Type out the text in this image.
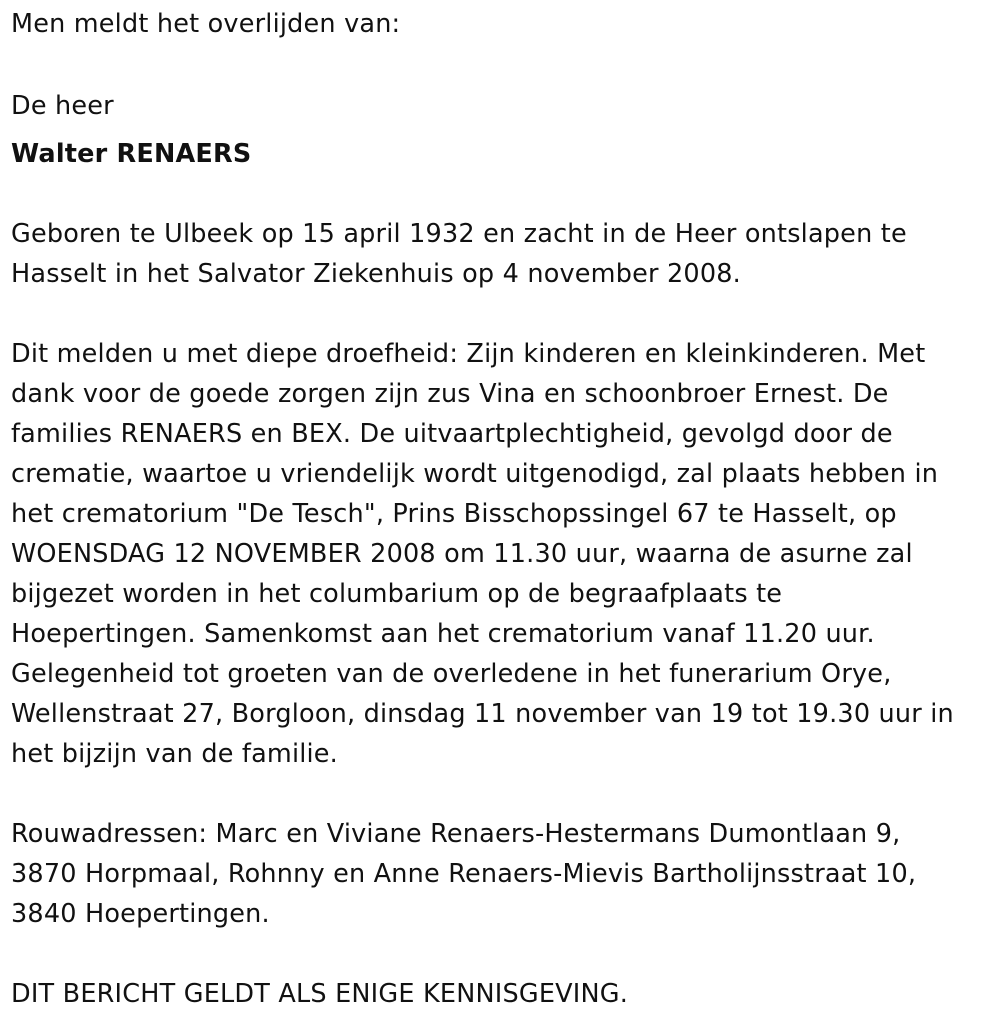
Men meldt het overlijden van:

De heer

Walter RENAERS

Geboren te Ulbeek op 15 april 1932 en zacht in de Heer ontslapen te
Hasselt in het Salvator Ziekenhuis op 4 november 2008.
Dit melden u met diepe droefheid: Zijn kinderen en kleinkinderen. Met
dank voor de goede zorgen zijn zus Vina en schoonbroer Ernest. De
families RENAERS en BEX. De uitvaartplechtigheid, gevolgd door de
crematie, waartoe u vriendelijk wordt uitgenodigd, zal plaats hebben in
het crematorium "De Tesch", Prins Bisschopssingel 67 te Hasselt, op
WOENSDAG 12 NOVEMBER 2008 om 11.30 uur, waarna de asurne zal
bijgezet worden in het columbarium op de begraafplaats te
Hoepertingen. Samenkomst aan het crematorium vanaf 11.20 uur.
Gelegenheid tot groeten van de overledene in het funerarium Orye,
Wellenstraat 27, Borgloon, dinsdag 11 november van 19 tot 19.30 uur in
het bijzijn van de familie.
Rouwadressen: Marc en Viviane Renaers-Hestermans Dumontlaan 9,
3870 Horpmaal, Rohnny en Anne Renaers-Mievis Bartholijnsstraat 10,
3840 Hoepertingen.

DIT BERICHT GELDT ALS ENIGE KENNISGEVING.
